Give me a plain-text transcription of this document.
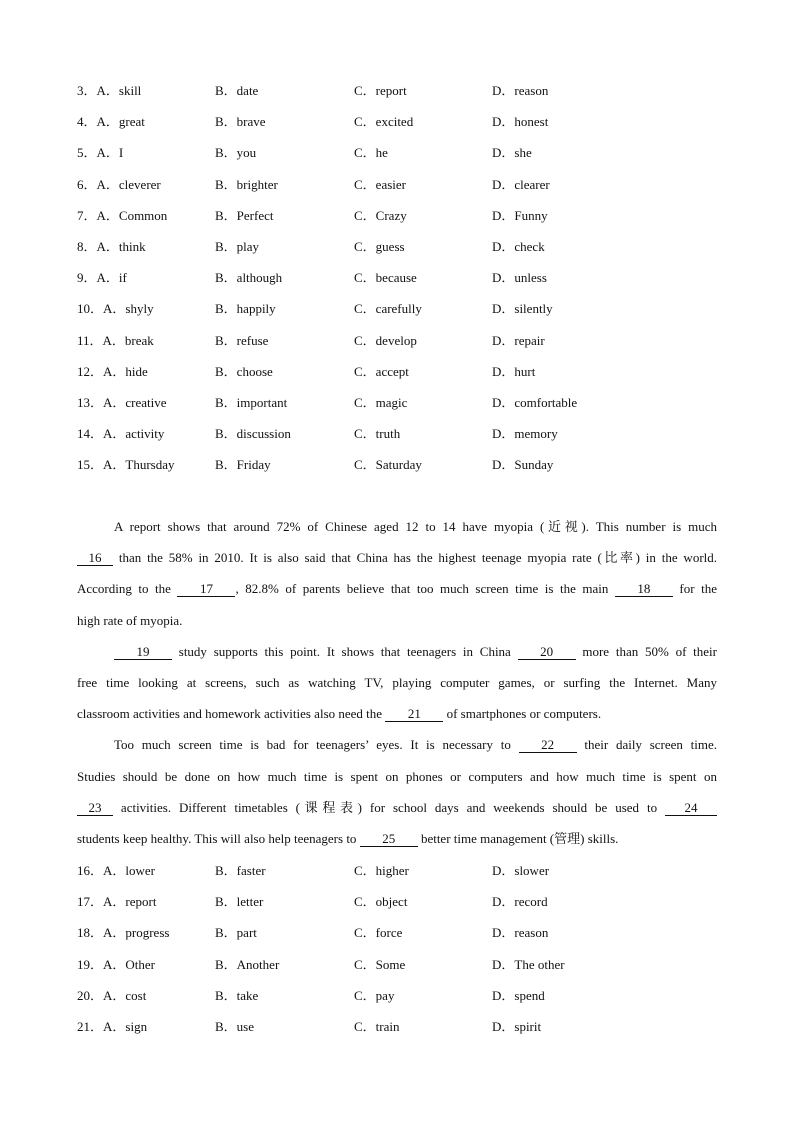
3．A．skill	B．date	C．report	D．reason
4．A．great	B．brave	C．excited	D．honest
5．A．I	B．you	C．he	D．she
6．A．cleverer	B．brighter	C．easier	D．clearer
7．A．Common	B．Perfect	C．Crazy	D．Funny
8．A．think	B．play	C．guess	D．check
9．A．if	B．although	C．because	D．unless
10．A．shyly	B．happily	C．carefully	D．silently
11．A．break	B．refuse	C．develop	D．repair
12．A．hide	B．choose	C．accept	D．hurt
13．A．creative	B．important	C．magic	D．comfortable
14．A．activity	B．discussion	C．truth	D．memory
15．A．Thursday	B．Friday	C．Saturday	D．Sunday
A report shows that around 72% of Chinese aged 12 to 14 have myopia (近视). This number is much
16 than the 58% in 2010. It is also said that China has the highest teenage myopia rate (比率) in the world.
According to the 17 , 82.8% of parents believe that too much screen time is the main 18 for the
high rate of myopia.
19 study supports this point. It shows that teenagers in China 20 more than 50% of their
free time looking at screens, such as watching TV, playing computer games, or surfing the Internet. Many
classroom activities and homework activities also need the 21 of smartphones or computers.
Too much screen time is bad for teenagers’ eyes. It is necessary to 22 their daily screen time.
Studies should be done on how much time is spent on phones or computers and how much time is spent on
23 activities. Different timetables (课程表) for school days and weekends should be used to 24
students keep healthy. This will also help teenagers to 25 better time management (管理) skills.
16．A．lower	B．faster	C．higher	D．slower
17．A．report	B．letter	C．object	D．record
18．A．progress	B．part	C．force	D．reason
19．A．Other	B．Another	C．Some	D．The other
20．A．cost	B．take	C．pay	D．spend
21．A．sign	B．use	C．train	D．spirit
